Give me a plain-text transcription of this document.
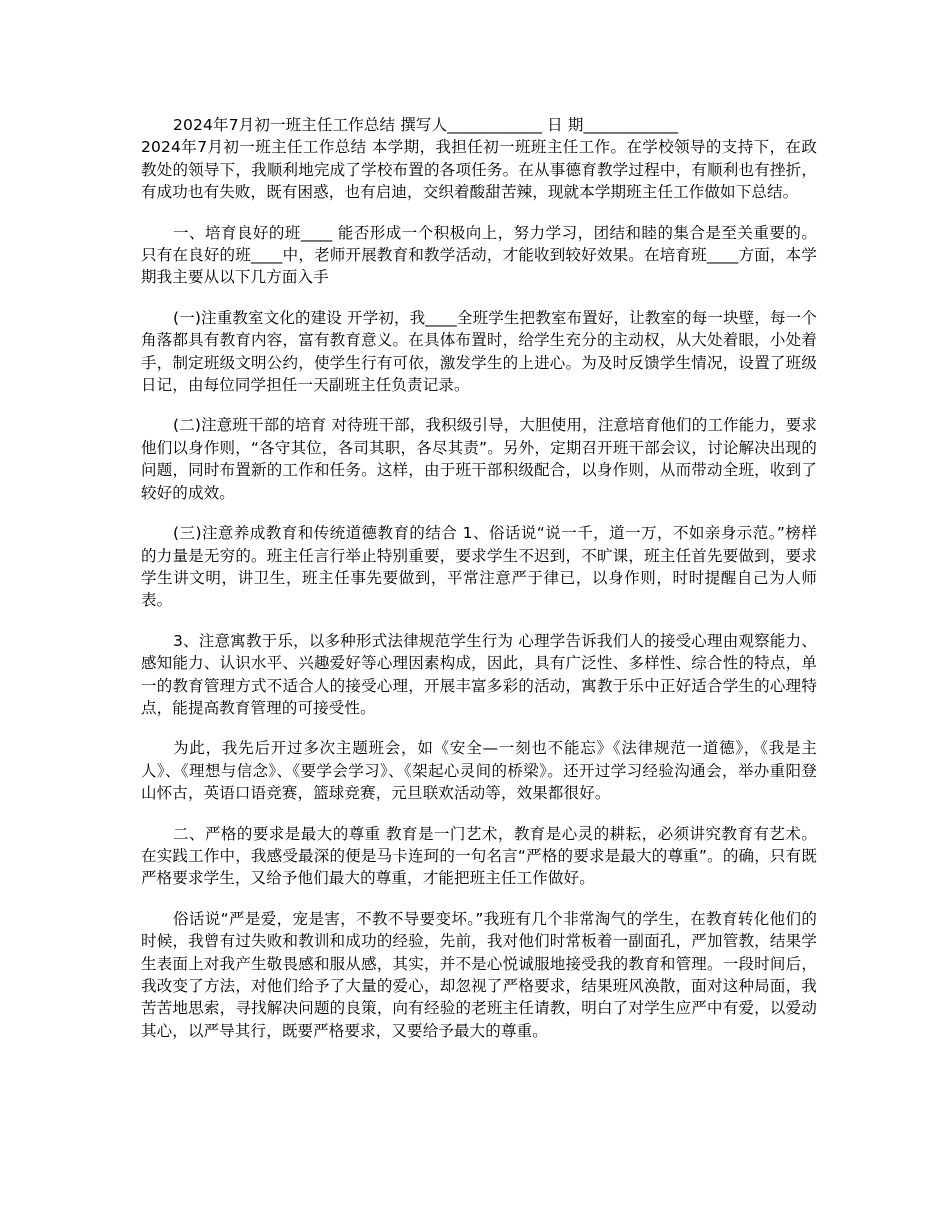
2024年7月初一班主任工作总结 撰写人____________ 日 期____________

2024年7月初一班主任工作总结 本学期，我担任初一班班主任工作。在学校领导的支持下，在政教处的领导下，我顺利地完成了学校布置的各项任务。在从事德育教学过程中，有顺利也有挫折，有成功也有失败，既有困惑，也有启迪，交织着酸甜苦辣，现就本学期班主任工作做如下总结。

一、培育良好的班____ 能否形成一个积极向上，努力学习，团结和睦的集合是至关重要的。只有在良好的班____中，老师开展教育和教学活动，才能收到较好效果。在培育班____方面，本学期我主要从以下几方面入手

(一)注重教室文化的建设 开学初，我____全班学生把教室布置好，让教室的每一块壁，每一个角落都具有教育内容，富有教育意义。在具体布置时，给学生充分的主动权，从大处着眼，小处着手，制定班级文明公约，使学生行有可依，激发学生的上进心。为及时反馈学生情况，设置了班级日记，由每位同学担任一天副班主任负责记录。

(二)注意班干部的培育 对待班干部，我积级引导，大胆使用，注意培育他们的工作能力，要求他们以身作则，“各守其位，各司其职，各尽其责”。另外，定期召开班干部会议，讨论解决出现的问题，同时布置新的工作和任务。这样，由于班干部积级配合，以身作则，从而带动全班，收到了较好的成效。

(三)注意养成教育和传统道德教育的结合 1、俗话说“说一千，道一万，不如亲身示范。”榜样的力量是无穷的。班主任言行举止特别重要，要求学生不迟到，不旷课，班主任首先要做到，要求学生讲文明，讲卫生，班主任事先要做到，平常注意严于律已，以身作则，时时提醒自己为人师表。

3、注意寓教于乐，以多种形式法律规范学生行为 心理学告诉我们人的接受心理由观察能力、感知能力、认识水平、兴趣爱好等心理因素构成，因此，具有广泛性、多样性、综合性的特点，单一的教育管理方式不适合人的接受心理，开展丰富多彩的活动，寓教于乐中正好适合学生的心理特点，能提高教育管理的可接受性。

为此，我先后开过多次主题班会，如《安全—一刻也不能忘》《法律规范一道德》，《我是主人》、《理想与信念》、《要学会学习》、《架起心灵间的桥梁》。还开过学习经验沟通会，举办重阳登山怀古，英语口语竞赛，篮球竞赛，元旦联欢活动等，效果都很好。

二、严格的要求是最大的尊重 教育是一门艺术，教育是心灵的耕耘，必须讲究教育有艺术。在实践工作中，我感受最深的便是马卡连珂的一句名言“严格的要求是最大的尊重”。的确，只有既严格要求学生，又给予他们最大的尊重，才能把班主任工作做好。

俗话说“严是爱，宠是害，不教不导要变坏。”我班有几个非常淘气的学生，在教育转化他们的时候，我曾有过失败和教训和成功的经验，先前，我对他们时常板着一副面孔，严加管教，结果学生表面上对我产生敬畏感和服从感，其实，并不是心悦诚服地接受我的教育和管理。一段时间后，我改变了方法，对他们给予了大量的爱心，却忽视了严格要求，结果班风涣散，面对这种局面，我苦苦地思索，寻找解决问题的良策，向有经验的老班主任请教，明白了对学生应严中有爱，以爱动其心，以严导其行，既要严格要求，又要给予最大的尊重。
